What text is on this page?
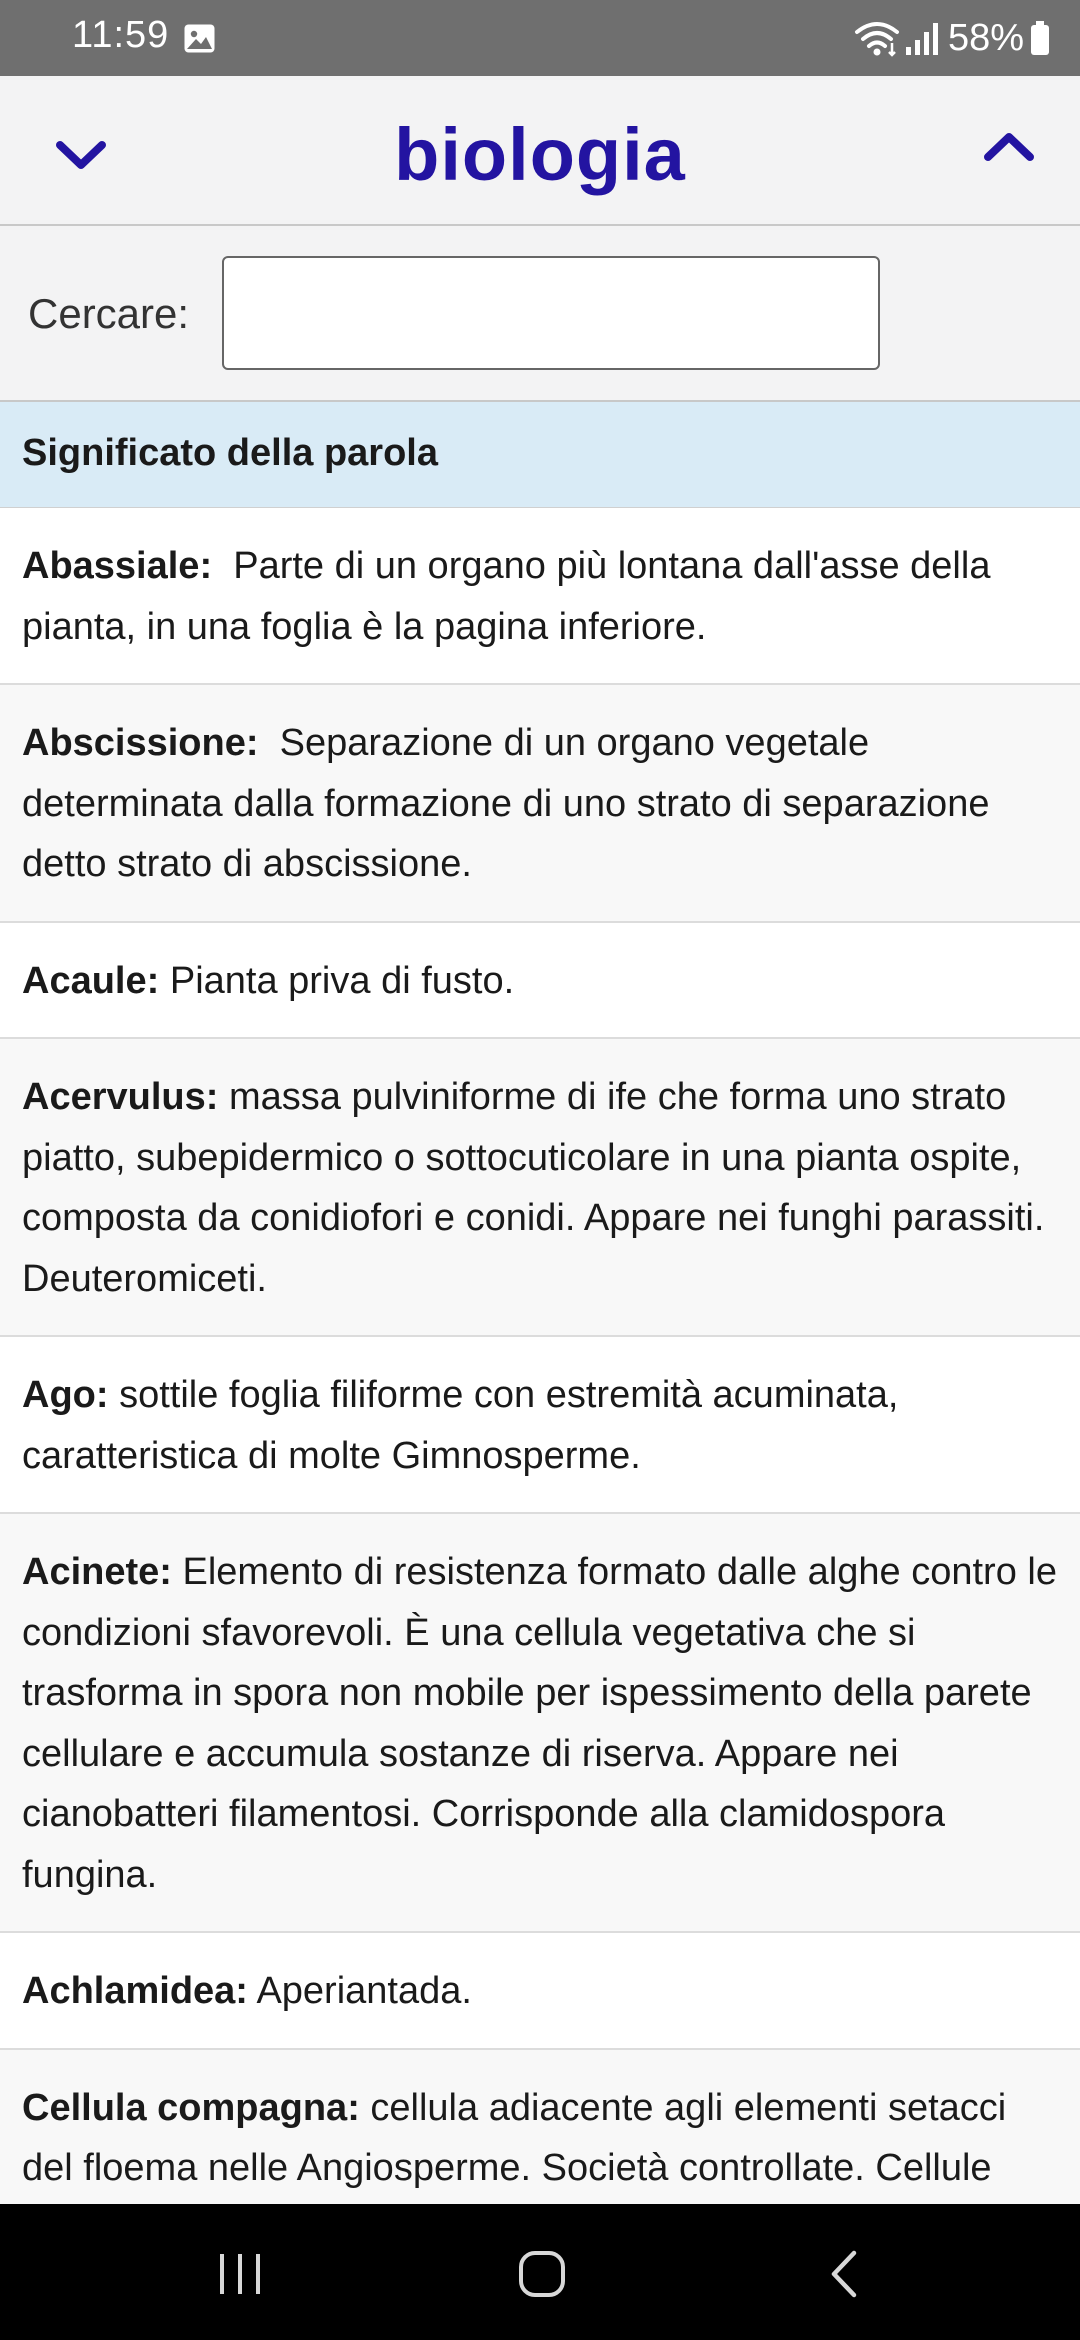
11:59	58%
biologia
Cercare:
Significato della parola
Abassiale: Parte di un organo più lontana dall'asse della pianta, in una foglia è la pagina inferiore.
Abscissione: Separazione di un organo vegetale determinata dalla formazione di uno strato di separazione detto strato di abscissione.
Acaule: Pianta priva di fusto.
Acervulus: massa pulviniforme di ife che forma uno strato piatto, subepidermico o sottocuticolare in una pianta ospite, composta da conidiofori e conidi. Appare nei funghi parassiti. Deuteromiceti.
Ago: sottile foglia filiforme con estremità acuminata, caratteristica di molte Gimnosperme.
Acinete: Elemento di resistenza formato dalle alghe contro le condizioni sfavorevoli. È una cellula vegetativa che si trasforma in spora non mobile per ispessimento della parete cellulare e accumula sostanze di riserva. Appare nei cianobatteri filamentosi. Corrisponde alla clamidospora fungina.
Achlamidea: Aperiantada.
Cellula compagna: cellula adiacente agli elementi setacci del floema nelle Angiosperme. Società controllate. Cellule
